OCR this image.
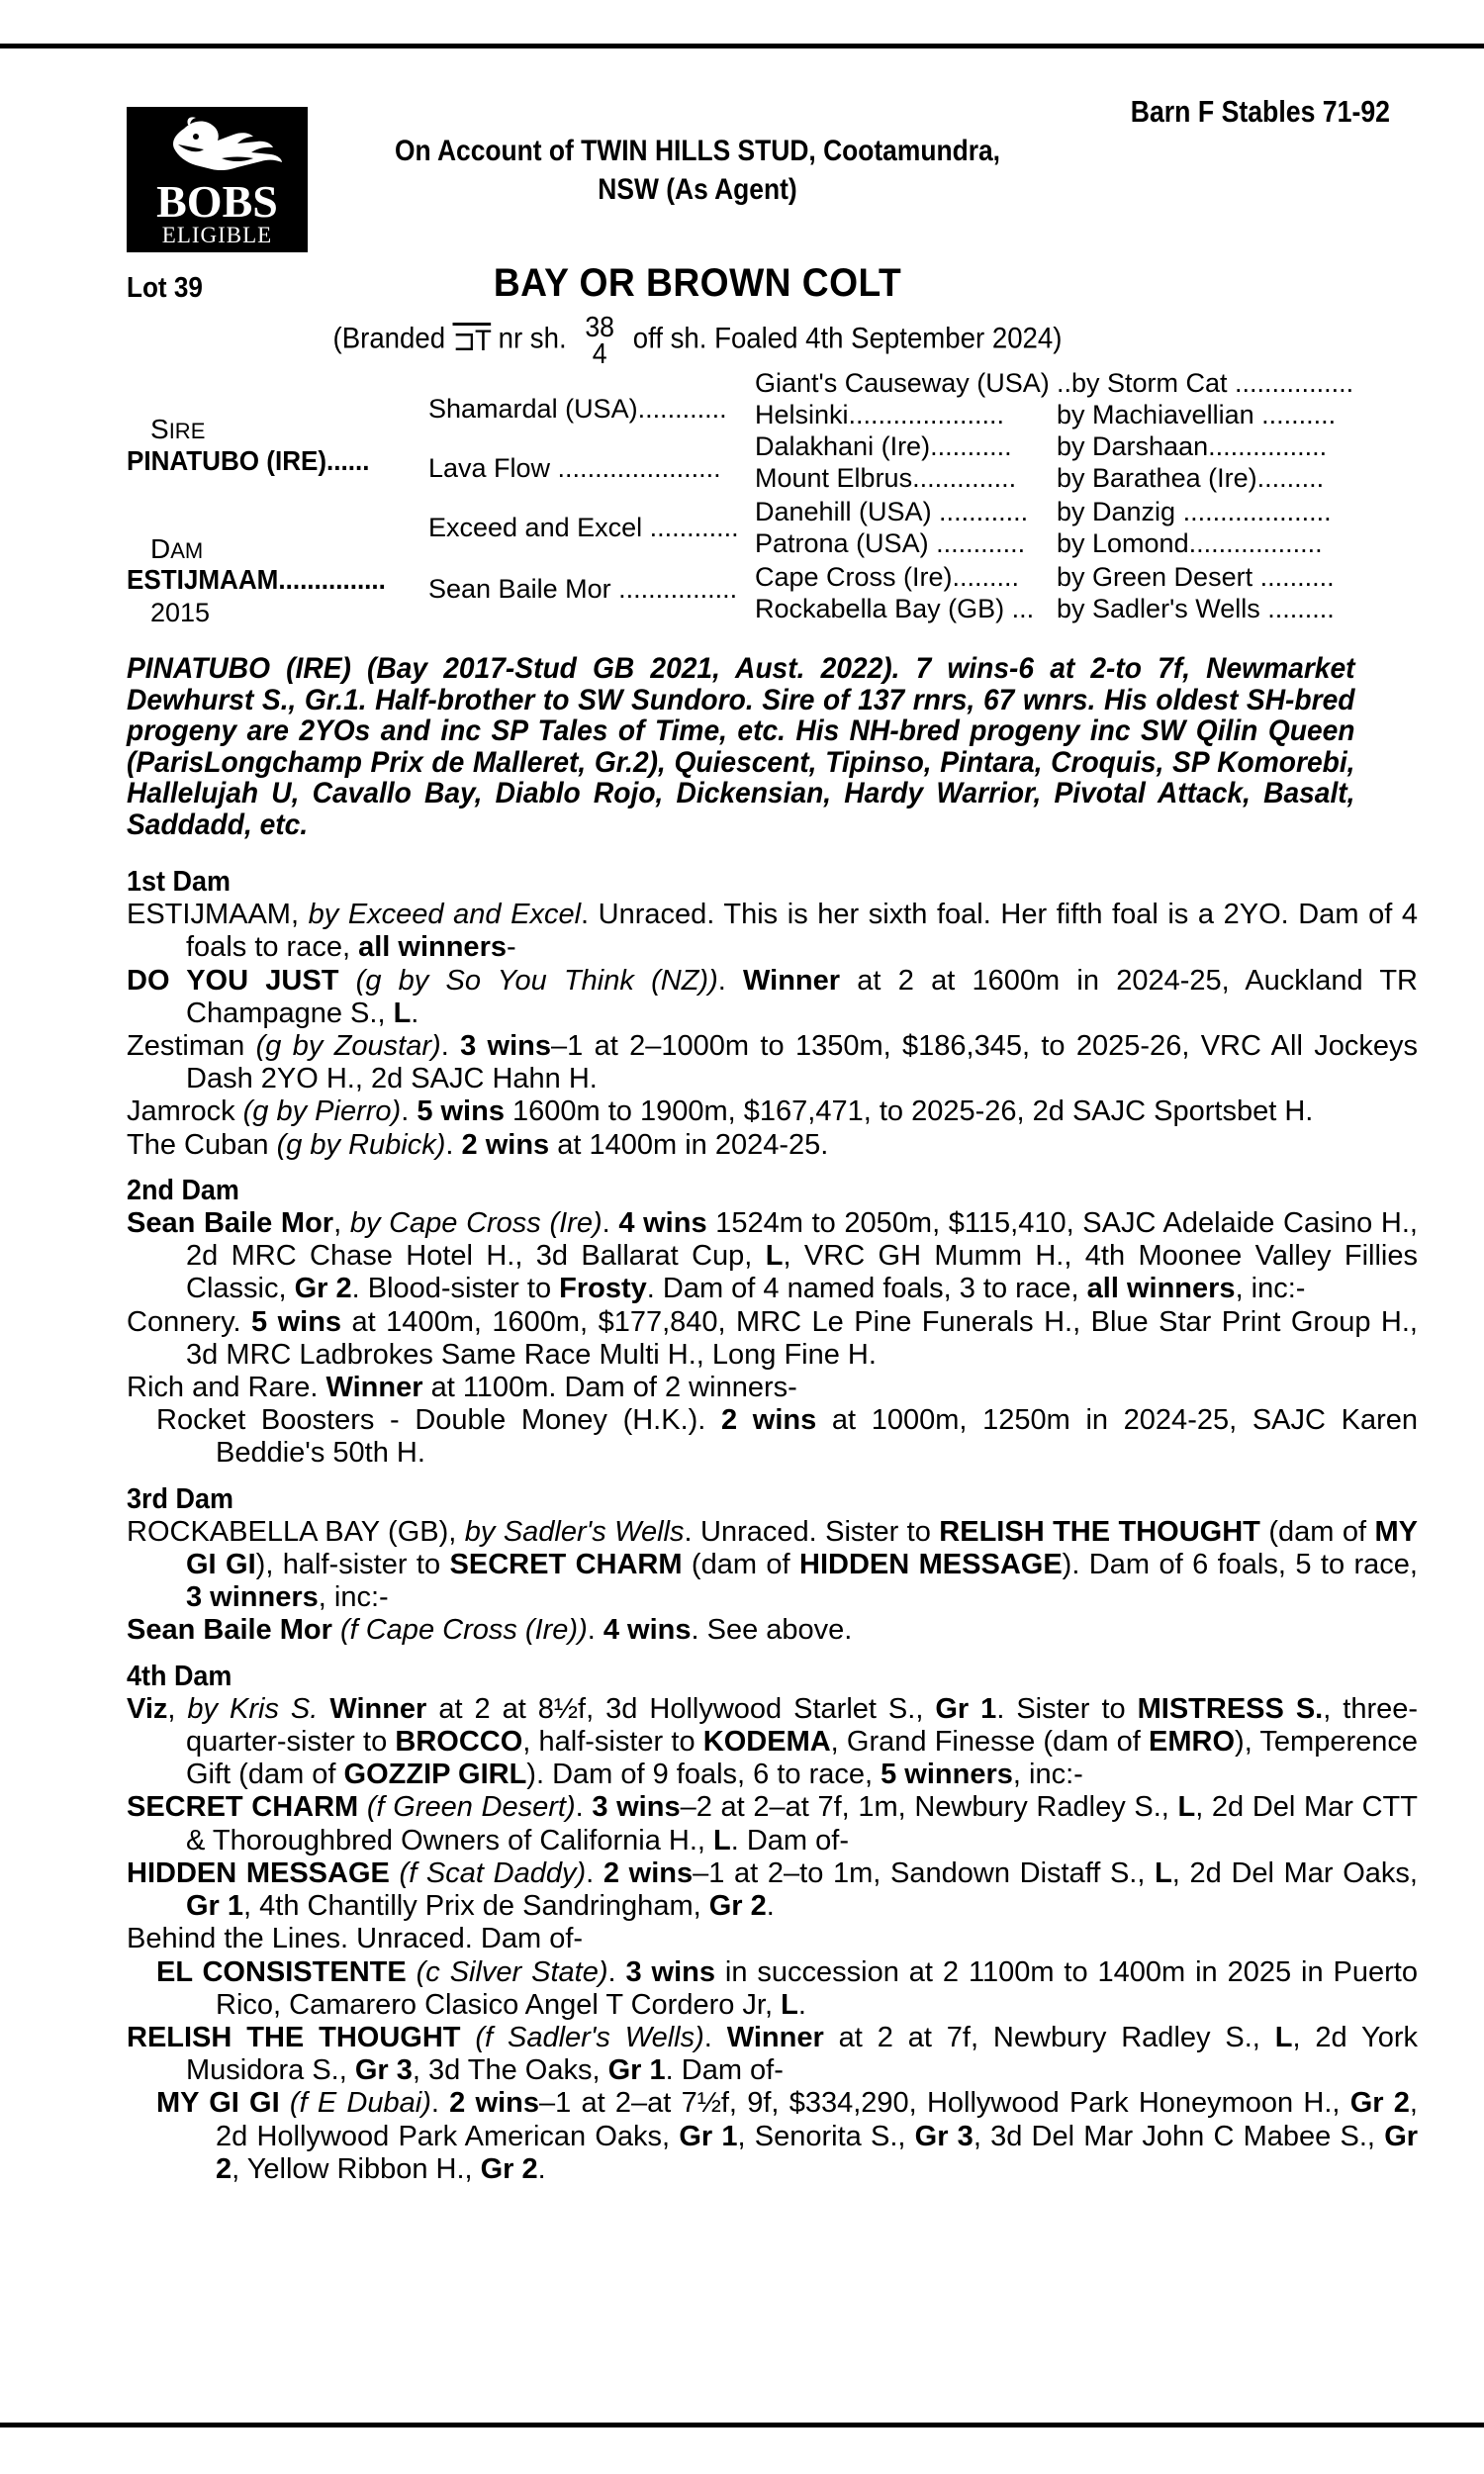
BOBS
ELIGIBLE
Barn F Stables 71-92
On Account of TWIN HILLS STUD, Cootamundra,
NSW (As Agent)
Lot 39	BAY OR BROWN COLT
(Branded ⊐T nr sh. 38
4 off sh. Foaled 4th September 2024)
SIRE
PINATUBO (IRE)......
DAM
ESTIJMAAM...............
2015
Shamardal (USA)............
Lava Flow ......................
Exceed and Excel ............
Sean Baile Mor ................
Giant's Causeway (USA)
Helsinki.....................
Dalakhani (Ire)...........
Mount Elbrus..............
Danehill (USA) ............
Patrona (USA) ............
Cape Cross (Ire).........
Rockabella Bay (GB) ...
..by Storm Cat ................
by Machiavellian ..........
by Darshaan................
by Barathea (Ire).........
by Danzig ....................
by Lomond..................
by Green Desert ..........
by Sadler's Wells .........
PINATUBO (IRE) (Bay 2017-Stud GB 2021, Aust. 2022). 7 wins-6 at 2-to 7f, Newmarket Dewhurst S., Gr.1. Half-brother to SW Sundoro. Sire of 137 rnrs, 67 wnrs. His oldest SH-bred progeny are 2YOs and inc SP Tales of Time, etc. His NH-bred progeny inc SW Qilin Queen (ParisLongchamp Prix de Malleret, Gr.2), Quiescent, Tipinso, Pintara, Croquis, SP Komorebi, Hallelujah U, Cavallo Bay, Diablo Rojo, Dickensian, Hardy Warrior, Pivotal Attack, Basalt, Saddadd, etc.
1st Dam
ESTIJMAAM, by Exceed and Excel. Unraced. This is her sixth foal. Her fifth foal is a 2YO. Dam of 4 foals to race, all winners-
DO YOU JUST (g by So You Think (NZ)). Winner at 2 at 1600m in 2024-25, Auckland TR Champagne S., L.
Zestiman (g by Zoustar). 3 wins–1 at 2–1000m to 1350m, $186,345, to 2025-26, VRC All Jockeys Dash 2YO H., 2d SAJC Hahn H.
Jamrock (g by Pierro). 5 wins 1600m to 1900m, $167,471, to 2025-26, 2d SAJC Sportsbet H.
The Cuban (g by Rubick). 2 wins at 1400m in 2024-25.
2nd Dam
Sean Baile Mor, by Cape Cross (Ire). 4 wins 1524m to 2050m, $115,410, SAJC Adelaide Casino H., 2d MRC Chase Hotel H., 3d Ballarat Cup, L, VRC GH Mumm H., 4th Moonee Valley Fillies Classic, Gr 2. Blood-sister to Frosty. Dam of 4 named foals, 3 to race, all winners, inc:-
Connery. 5 wins at 1400m, 1600m, $177,840, MRC Le Pine Funerals H., Blue Star Print Group H., 3d MRC Ladbrokes Same Race Multi H., Long Fine H.
Rich and Rare. Winner at 1100m. Dam of 2 winners-
Rocket Boosters - Double Money (H.K.). 2 wins at 1000m, 1250m in 2024-25, SAJC Karen Beddie's 50th H.
3rd Dam
ROCKABELLA BAY (GB), by Sadler's Wells. Unraced. Sister to RELISH THE THOUGHT (dam of MY GI GI), half-sister to SECRET CHARM (dam of HIDDEN MESSAGE). Dam of 6 foals, 5 to race, 3 winners, inc:-
Sean Baile Mor (f Cape Cross (Ire)). 4 wins. See above.
4th Dam
Viz, by Kris S. Winner at 2 at 8½f, 3d Hollywood Starlet S., Gr 1. Sister to MISTRESS S., three-quarter-sister to BROCCO, half-sister to KODEMA, Grand Finesse (dam of EMRO), Temperence Gift (dam of GOZZIP GIRL). Dam of 9 foals, 6 to race, 5 winners, inc:-
SECRET CHARM (f Green Desert). 3 wins–2 at 2–at 7f, 1m, Newbury Radley S., L, 2d Del Mar CTT & Thoroughbred Owners of California H., L. Dam of-
HIDDEN MESSAGE (f Scat Daddy). 2 wins–1 at 2–to 1m, Sandown Distaff S., L, 2d Del Mar Oaks, Gr 1, 4th Chantilly Prix de Sandringham, Gr 2.
Behind the Lines. Unraced. Dam of-
EL CONSISTENTE (c Silver State). 3 wins in succession at 2 1100m to 1400m in 2025 in Puerto Rico, Camarero Clasico Angel T Cordero Jr, L.
RELISH THE THOUGHT (f Sadler's Wells). Winner at 2 at 7f, Newbury Radley S., L, 2d York Musidora S., Gr 3, 3d The Oaks, Gr 1. Dam of-
MY GI GI (f E Dubai). 2 wins–1 at 2–at 7½f, 9f, $334,290, Hollywood Park Honeymoon H., Gr 2, 2d Hollywood Park American Oaks, Gr 1, Senorita S., Gr 3, 3d Del Mar John C Mabee S., Gr 2, Yellow Ribbon H., Gr 2.
